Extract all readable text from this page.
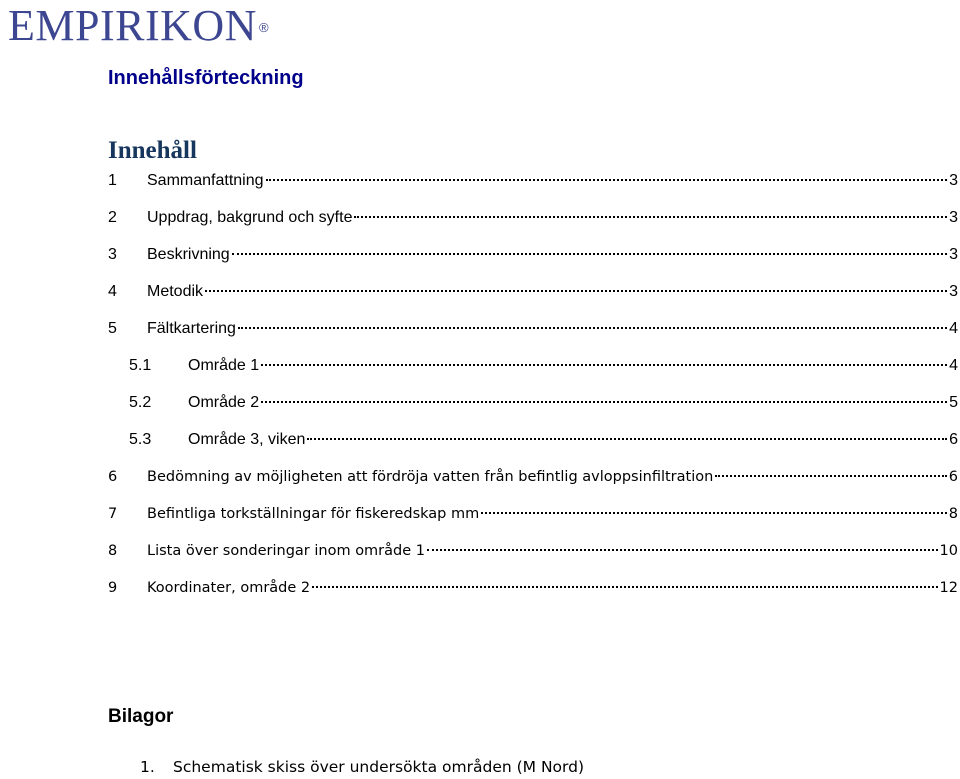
EMPIRIKON ®
Innehållsförteckning
Innehåll
1	Sammanfattning	3
2	Uppdrag, bakgrund och syfte	3
3	Beskrivning	3
4	Metodik	3
5	Fältkartering	4
5.1	Område 1	4
5.2	Område 2	5
5.3	Område 3, viken	6
6	Bedömning av möjligheten att fördröja vatten från befintlig avloppsinfiltration	6
7	Befintliga torkställningar för fiskeredskap mm	8
8	Lista över sonderingar inom område 1	10
9	Koordinater, område 2	12
Bilagor
1.	Schematisk skiss över undersökta områden (M Nord)
